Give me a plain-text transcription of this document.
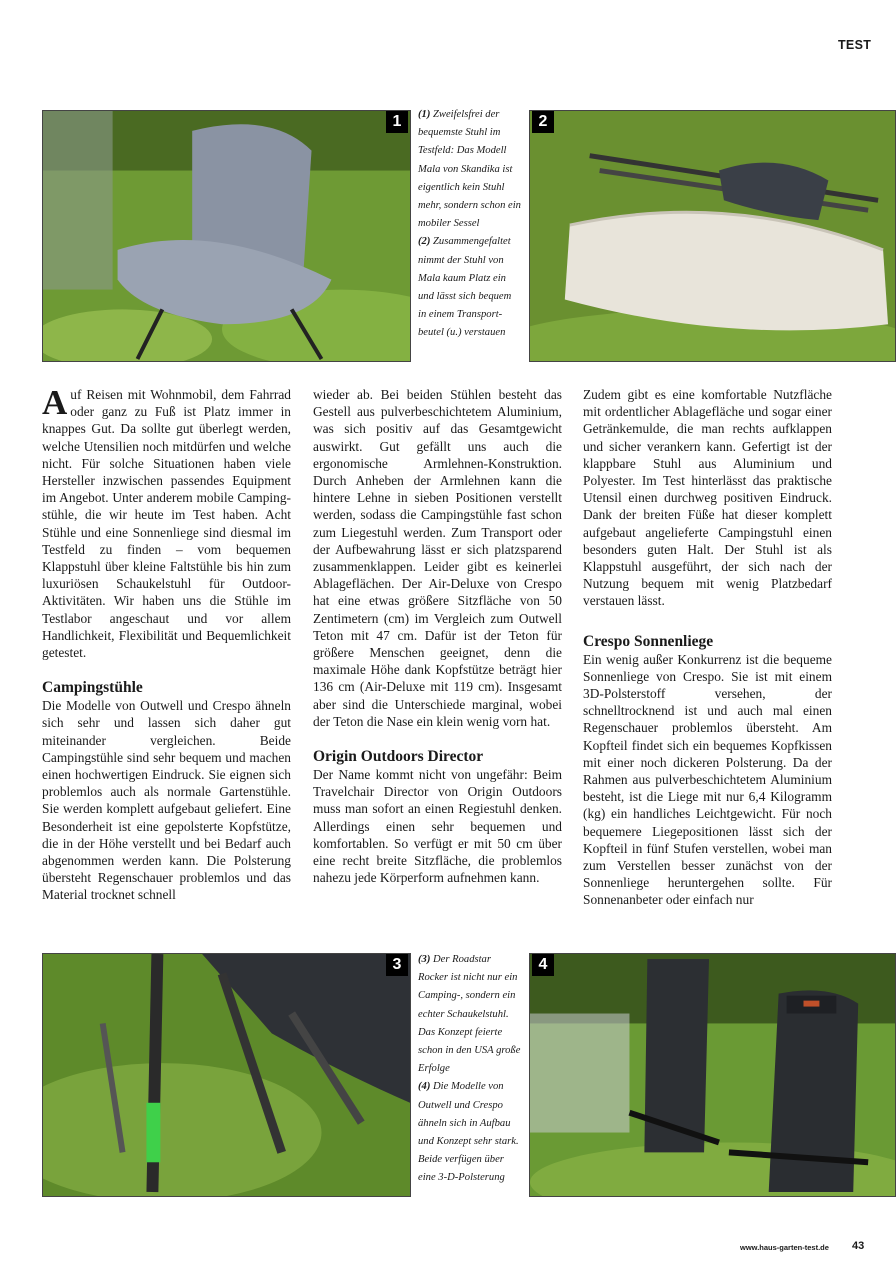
TEST
1	(1) Zweifelsfrei der bequemste Stuhl im Testfeld: Das Modell Mala von Skandika ist eigentlich kein Stuhl mehr, sondern schon ein mobiler Sessel
(2) Zusammengefaltet nimmt der Stuhl von Mala kaum Platz ein und lässt sich bequem in einem Transportbeutel (u.) verstauen
2

Auf Reisen mit Wohnmobil, dem Fahrrad oder ganz zu Fuß ist Platz immer in knappes Gut. Da sollte gut überlegt werden, welche Utensilien noch mitdürfen und welche nicht. Für solche Situationen haben viele Hersteller inzwischen passendes Equipment im Angebot. Unter anderem mobile Campingstühle, die wir heute im Test haben. Acht Stühle und eine Sonnenliege sind diesmal im Testfeld zu finden – vom bequemen Klappstuhl über kleine Faltstühle bis hin zum luxuriösen Schaukelstuhl für Outdoor-Aktivitäten. Wir haben uns die Stühle im Testlabor angeschaut und vor allem Handlichkeit, Flexibilität und Bequemlichkeit getestet.

Campingstühle

Die Modelle von Outwell und Crespo ähneln sich sehr und lassen sich daher gut miteinander vergleichen. Beide Campingstühle sind sehr bequem und machen einen hochwertigen Eindruck. Sie eignen sich problemlos auch als normale Gartenstühle. Sie werden komplett aufgebaut geliefert. Eine Besonderheit ist eine gepolsterte Kopfstütze, die in der Höhe verstellt und bei Bedarf auch abgenommen werden kann. Die Polsterung übersteht Regenschauer problemlos und das Material trocknet schnell

wieder ab. Bei beiden Stühlen besteht das Gestell aus pulverbeschichtetem Aluminium, was sich positiv auf das Gesamtgewicht auswirkt. Gut gefällt uns auch die ergonomische Armlehnen-Konstruktion. Durch Anheben der Armlehnen kann die hintere Lehne in sieben Positionen verstellt werden, sodass die Campingstühle fast schon zum Liegestuhl werden. Zum Transport oder der Aufbewahrung lässt er sich platzsparend zusammenklappen. Leider gibt es keinerlei Ablageflächen. Der Air-Deluxe von Crespo hat eine etwas größere Sitzfläche von 50 Zentimetern (cm) im Vergleich zum Outwell Teton mit 47 cm. Dafür ist der Teton für größere Menschen geeignet, denn die maximale Höhe dank Kopfstütze beträgt hier 136 cm (Air-Deluxe mit 119 cm). Insgesamt aber sind die Unterschiede marginal, wobei der Teton die Nase ein klein wenig vorn hat.

Origin Outdoors Director

Der Name kommt nicht von ungefähr: Beim Travelchair Director von Origin Outdoors muss man sofort an einen Regiestuhl denken. Allerdings einen sehr bequemen und komfortablen. So verfügt er mit 50 cm über eine recht breite Sitzfläche, die problemlos nahezu jede Körperform aufnehmen kann.

Zudem gibt es eine komfortable Nutzfläche mit ordentlicher Ablagefläche und sogar einer Getränkemulde, die man rechts aufklappen und sicher verankern kann. Gefertigt ist der klappbare Stuhl aus Aluminium und Polyester. Im Test hinterlässt das praktische Utensil einen durchweg positiven Eindruck. Dank der breiten Füße hat dieser komplett aufgebaut angelieferte Campingstuhl einen besonders guten Halt. Der Stuhl ist als Klappstuhl ausgeführt, der sich nach der Nutzung bequem mit wenig Platzbedarf verstauen lässt.

Crespo Sonnenliege

Ein wenig außer Konkurrenz ist die bequeme Sonnenliege von Crespo. Sie ist mit einem 3D-Polsterstoff versehen, der schnelltrocknend ist und auch mal einen Regenschauer problemlos übersteht. Am Kopfteil findet sich ein bequemes Kopfkissen mit einer noch dickeren Polsterung. Da der Rahmen aus pulverbeschichtetem Aluminium besteht, ist die Liege mit nur 6,4 Kilogramm (kg) ein handliches Leichtgewicht. Für noch bequemere Liegepositionen lässt sich der Kopfteil in fünf Stufen verstellen, wobei man zum Verstellen besser zunächst von der Sonnenliege heruntergehen sollte. Für Sonnenanbeter oder einfach nur

3	(3) Der Roadstar Rocker ist nicht nur ein Camping-, sondern ein echter Schaukelstuhl. Das Konzept feierte schon in den USA große Erfolge
(4) Die Modelle von Outwell und Crespo ähneln sich in Aufbau und Konzept sehr stark. Beide verfügen über eine 3-D-Polsterung
4
www.haus-garten-test.de 43
